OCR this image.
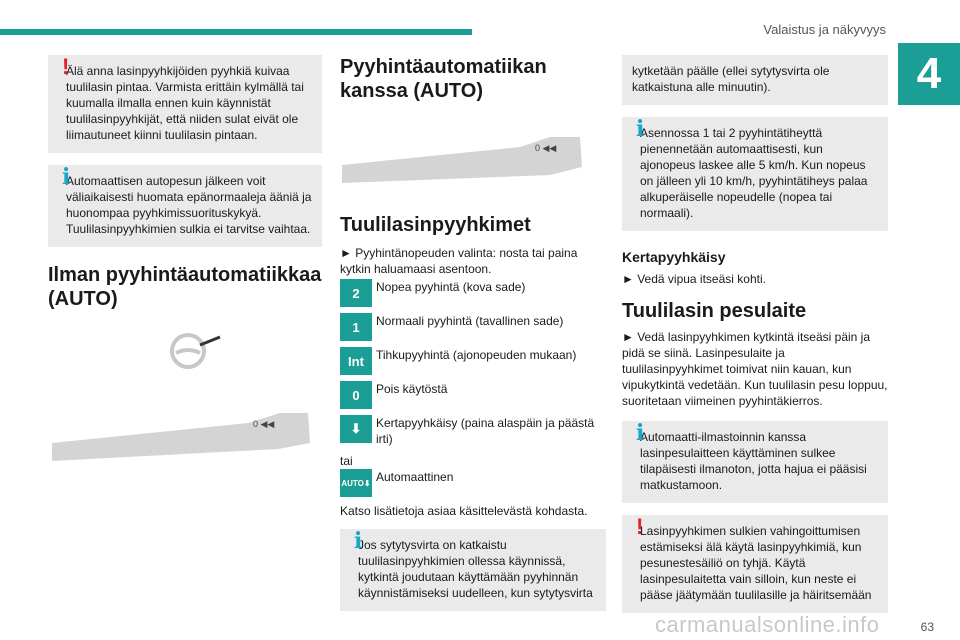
Valaistus ja näkyvyys
4
!
Älä anna lasinpyyhkijöiden pyyhkiä kuivaa tuulilasin pintaa. Varmista erittäin kylmällä tai kuumalla ilmalla ennen kuin käynnistät tuulilasinpyyhkijät, että niiden sulat eivät ole liimautuneet kiinni tuulilasin pintaan.
i
Automaattisen autopesun jälkeen voit väliaikaisesti huomata epänormaaleja ääniä ja huonompaa pyyhkimissuorituskykyä. Tuulilasinpyyhkimien sulkia ei tarvitse vaihtaa.
Ilman pyyhintäautomatiikkaa (AUTO)
0 ◀◀
Pyyhintäautomatiikan kanssa (AUTO)
0 ◀◀
Tuulilasinpyyhkimet
► Pyyhintänopeuden valinta: nosta tai paina kytkin haluamaasi asentoon.
2	Nopea pyyhintä (kova sade)
1	Normaali pyyhintä (tavallinen sade)
Int	Tihkupyyhintä (ajonopeuden mukaan)
0	Pois käytöstä
⬇	Kertapyyhkäisy (paina alaspäin ja päästä irti)
tai
AUTO⬇ Automaattinen
Katso lisätietoja asiaa käsittelevästä kohdasta.
i
Jos sytytysvirta on katkaistu tuulilasinpyyhkimien ollessa käynnissä, kytkintä joudutaan käyttämään pyyhinnän käynnistämiseksi uudelleen, kun sytytysvirta
kytketään päälle (ellei sytytysvirta ole katkaistuna alle minuutin).
i
Asennossa 1 tai 2 pyyhintätiheyttä pienennetään automaattisesti, kun ajonopeus laskee alle 5 km/h. Kun nopeus on jälleen yli 10 km/h, pyyhintätiheys palaa alkuperäiselle nopeudelle (nopea tai normaali).
Kertapyyhkäisy
► Vedä vipua itseäsi kohti.
Tuulilasin pesulaite
► Vedä lasinpyyhkimen kytkintä itseäsi päin ja pidä se siinä. Lasinpesulaite ja tuulilasinpyyhkimet toimivat niin kauan, kun vipukytkintä vedetään. Kun tuulilasin pesu loppuu, suoritetaan viimeinen pyyhintäkierros.
i
Automaatti-ilmastoinnin kanssa lasinpesulaitteen käyttäminen sulkee tilapäisesti ilmanoton, jotta hajua ei pääsisi matkustamoon.
!
Lasinpyyhkimen sulkien vahingoittumisen estämiseksi älä käytä lasinpyyhkimiä, kun pesunestesäiliö on tyhjä. Käytä lasinpesulaitetta vain silloin, kun neste ei pääse jäätymään tuulilasille ja häiritsemään
carmanualsonline.info	63
